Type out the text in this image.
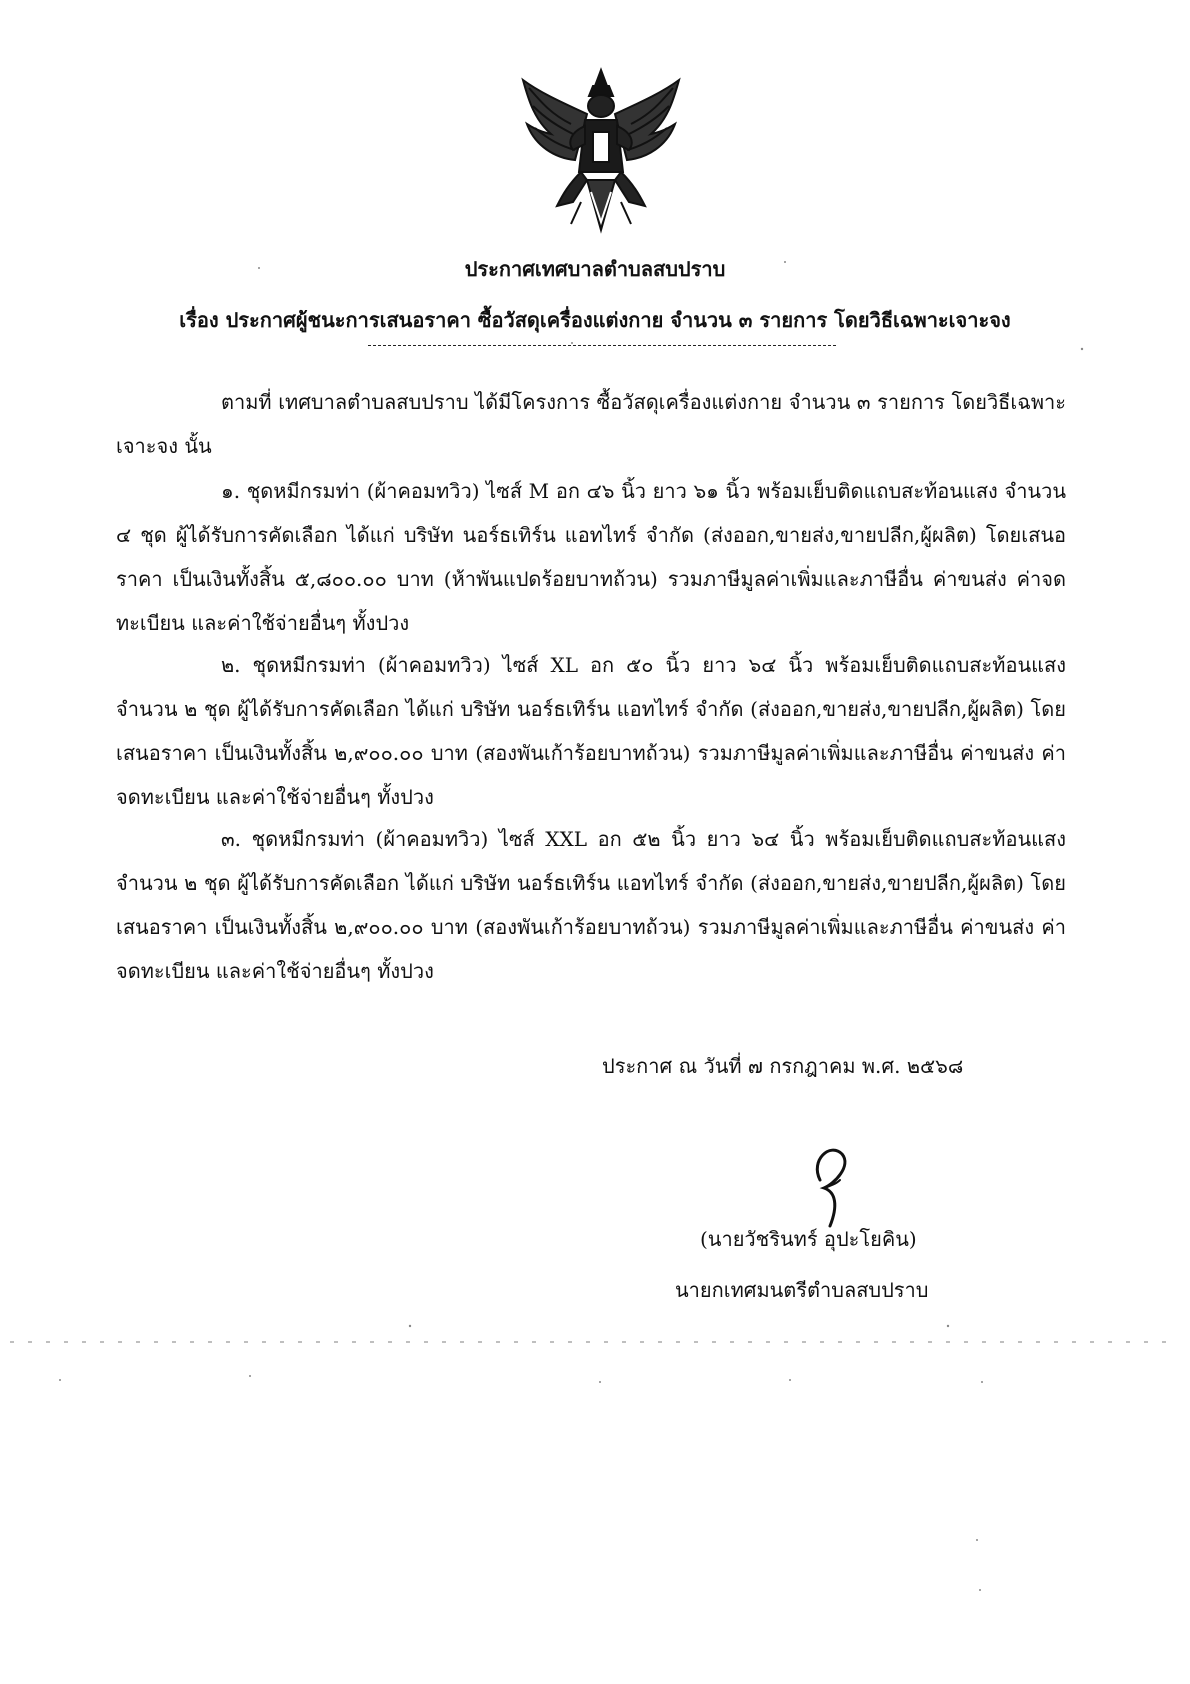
ประกาศเทศบาลตำบลสบปราบ
เรื่อง ประกาศผู้ชนะการเสนอราคา ซื้อวัสดุเครื่องแต่งกาย จำนวน ๓ รายการ โดยวิธีเฉพาะเจาะจง

ตามที่ เทศบาลตำบลสบปราบ ได้มีโครงการ ซื้อวัสดุเครื่องแต่งกาย จำนวน ๓ รายการ โดยวิธีเฉพาะเจาะจง นั้น

๑. ชุดหมีกรมท่า (ผ้าคอมทวิว) ไซส์ M อก ๔๖ นิ้ว ยาว ๖๑ นิ้ว พร้อมเย็บติดแถบสะท้อนแสง จำนวน ๔ ชุด ผู้ได้รับการคัดเลือก ได้แก่ บริษัท นอร์ธเทิร์น แอทไทร์ จำกัด (ส่งออก,ขายส่ง,ขายปลีก,ผู้ผลิต) โดยเสนอราคา เป็นเงินทั้งสิ้น ๕,๘๐๐.๐๐ บาท (ห้าพันแปดร้อยบาทถ้วน) รวมภาษีมูลค่าเพิ่มและภาษีอื่น ค่าขนส่ง ค่าจดทะเบียน และค่าใช้จ่ายอื่นๆ ทั้งปวง

๒. ชุดหมีกรมท่า (ผ้าคอมทวิว) ไซส์ XL อก ๕๐ นิ้ว ยาว ๖๔ นิ้ว พร้อมเย็บติดแถบสะท้อนแสง จำนวน ๒ ชุด ผู้ได้รับการคัดเลือก ได้แก่ บริษัท นอร์ธเทิร์น แอทไทร์ จำกัด (ส่งออก,ขายส่ง,ขายปลีก,ผู้ผลิต) โดยเสนอราคา เป็นเงินทั้งสิ้น ๒,๙๐๐.๐๐ บาท (สองพันเก้าร้อยบาทถ้วน) รวมภาษีมูลค่าเพิ่มและภาษีอื่น ค่าขนส่ง ค่าจดทะเบียน และค่าใช้จ่ายอื่นๆ ทั้งปวง

๓. ชุดหมีกรมท่า (ผ้าคอมทวิว) ไซส์ XXL อก ๕๒ นิ้ว ยาว ๖๔ นิ้ว พร้อมเย็บติดแถบสะท้อนแสง จำนวน ๒ ชุด ผู้ได้รับการคัดเลือก ได้แก่ บริษัท นอร์ธเทิร์น แอทไทร์ จำกัด (ส่งออก,ขายส่ง,ขายปลีก,ผู้ผลิต) โดยเสนอราคา เป็นเงินทั้งสิ้น ๒,๙๐๐.๐๐ บาท (สองพันเก้าร้อยบาทถ้วน) รวมภาษีมูลค่าเพิ่มและภาษีอื่น ค่าขนส่ง ค่าจดทะเบียน และค่าใช้จ่ายอื่นๆ ทั้งปวง

ประกาศ ณ วันที่ ๗ กรกฎาคม พ.ศ. ๒๕๖๘
(นายวัชรินทร์ อุปะโยคิน)
นายกเทศมนตรีตำบลสบปราบ
